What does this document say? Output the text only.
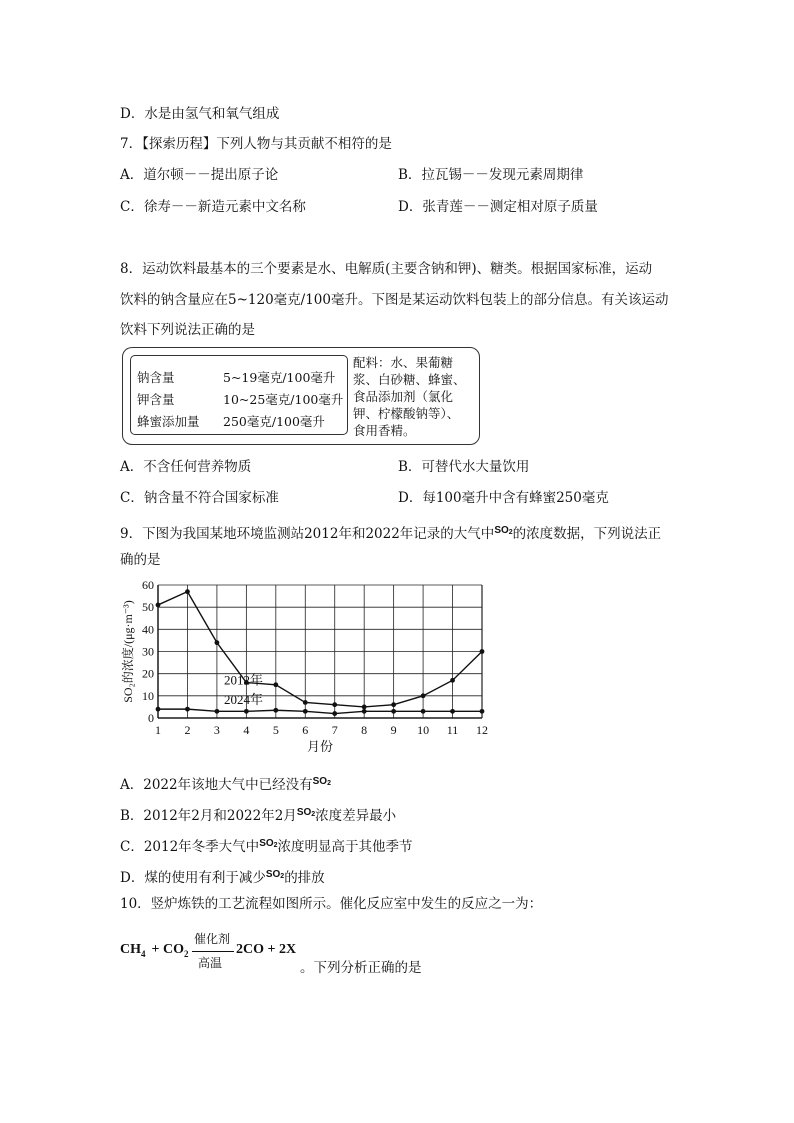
D．水是由氢气和氧气组成
7．【探索历程】下列人物与其贡献不相符的是
A．道尔顿－－提出原子论	B．拉瓦锡－－发现元素周期律
C．徐寿－－新造元素中文名称	D．张青莲－－测定相对原子质量
8．运动饮料最基本的三个要素是水、电解质(主要含钠和钾)、糖类。根据国家标准，运动
饮料的钠含量应在5~120毫克/100毫升。下图是某运动饮料包装上的部分信息。有关该运动
饮料下列说法正确的是
钠含量	5~19毫克/100毫升
钾含量	10~25毫克/100毫升
蜂蜜添加量 250毫克/100毫升
配料：水、果葡糖
浆、白砂糖、蜂蜜、
食品添加剂（氯化
钾、柠檬酸钠等）、
食用香精。
A．不含任何营养物质	B．可替代水大量饮用
C．钠含量不符合国家标准	D．每100毫升中含有蜂蜜250毫克
9．下图为我国某地环境监测站2012年和2022年记录的大气中$^{SO_2}$的浓度数据，下列说法正
确的是
0
10
20
30
40
50
60
1 2 3 4 5 6 7 8 9 10 11 12
2012年
2024年
月份
SO₂的浓度/(μg·m⁻³)
A．2022年该地大气中已经没有$^{SO_2}$
B．2012年2月和2022年2月$^{SO_2}$浓度差异最小
C．2012年冬季大气中$^{SO_2}$浓度明显高于其他季节
D．煤的使用有利于减少$^{SO_2}$的排放
10．竖炉炼铁的工艺流程如图所示。催化反应室中发生的反应之一为：
$CH_4 + CO_2$
催化剂
高温
2CO + 2X
。下列分析正确的是
